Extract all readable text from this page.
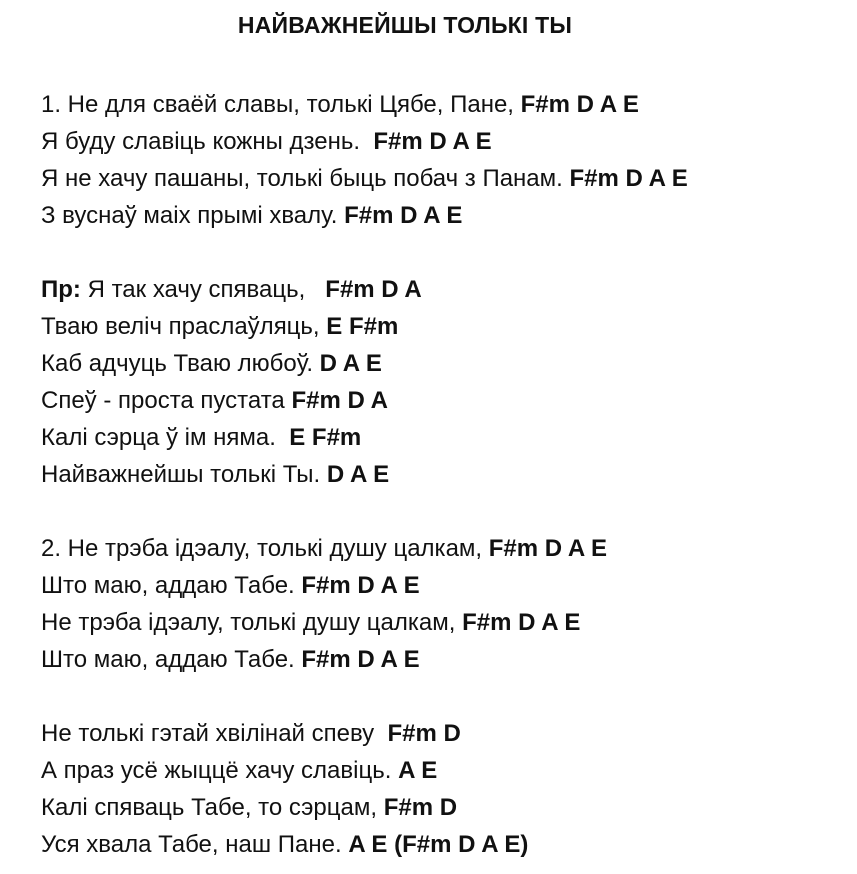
НАЙВАЖНЕЙШЫ ТОЛЬКІ ТЫ
1. Не для сваёй славы, толькі Цябе, Пане, F#m D A E
Я буду славіць кожны дзень.  F#m D A E
Я не хачу пашаны, толькі быць побач з Панам. F#m D A E
З вуснаў маіх прымі хвалу. F#m D A E
Пр: Я так хачу спяваць,   F#m D A
Тваю веліч праслаўляць, E F#m
Каб адчуць Тваю любоў. D A E
Спеў - проста пустата F#m D A
Калі сэрца ў ім няма.  E F#m
Найважнейшы толькі Ты. D A E
2. Не трэба ідэалу, толькі душу цалкам, F#m D A E
Што маю, аддаю Табе. F#m D A E
Не трэба ідэалу, толькі душу цалкам, F#m D A E
Што маю, аддаю Табе. F#m D A E
Не толькі гэтай хвілінай спеву  F#m D
А праз усё жыццё хачу славіць. A E
Калі спяваць Табе, то сэрцам, F#m D
Уся хвала Табе, наш Пане. A E (F#m D A E)
